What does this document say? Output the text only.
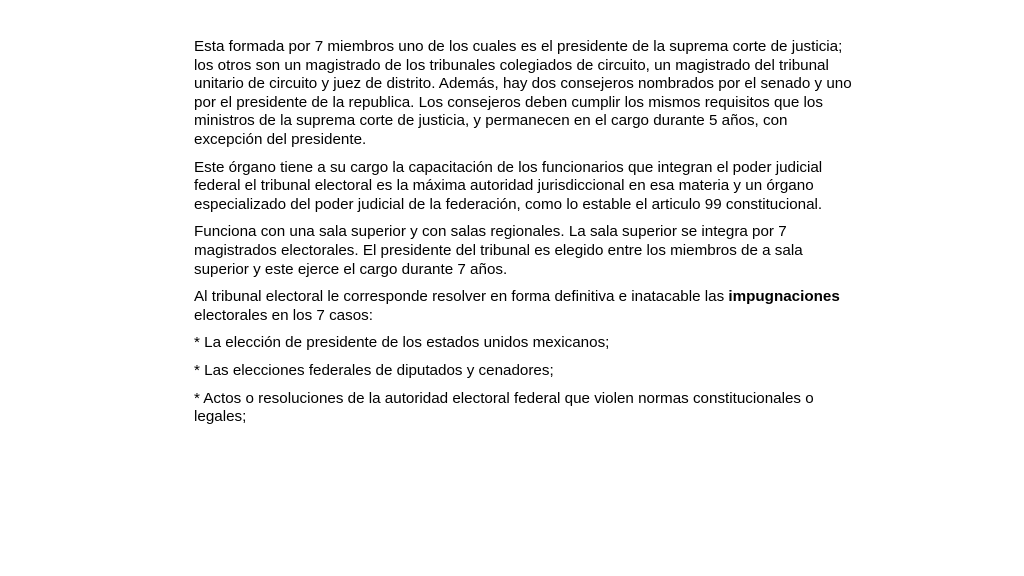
Esta formada por 7 miembros uno de los cuales es el presidente de la suprema corte de justicia; los otros son un magistrado de los tribunales colegiados de circuito, un magistrado del tribunal unitario de circuito y juez de distrito. Además, hay dos consejeros nombrados por el senado y uno por el presidente de la republica. Los consejeros deben cumplir los mismos requisitos que los ministros de la suprema corte de justicia, y permanecen en el cargo durante 5 años, con excepción del presidente.

Este órgano tiene a su cargo la capacitación de los funcionarios que integran el poder judicial federal el tribunal electoral es la máxima autoridad jurisdiccional en esa materia y un órgano especializado del poder judicial de la federación, como lo estable el articulo 99 constitucional.

Funciona con una sala superior y con salas regionales. La sala superior se integra por 7 magistrados electorales. El presidente del tribunal es elegido entre los miembros de a sala superior y este ejerce el cargo durante 7 años.

Al tribunal electoral le corresponde resolver en forma definitiva e inatacable las impugnaciones electorales en los 7 casos:

* La elección de presidente de los estados unidos mexicanos;

* Las elecciones federales de diputados y cenadores;

* Actos o resoluciones de la autoridad electoral federal que violen normas constitucionales o legales;
